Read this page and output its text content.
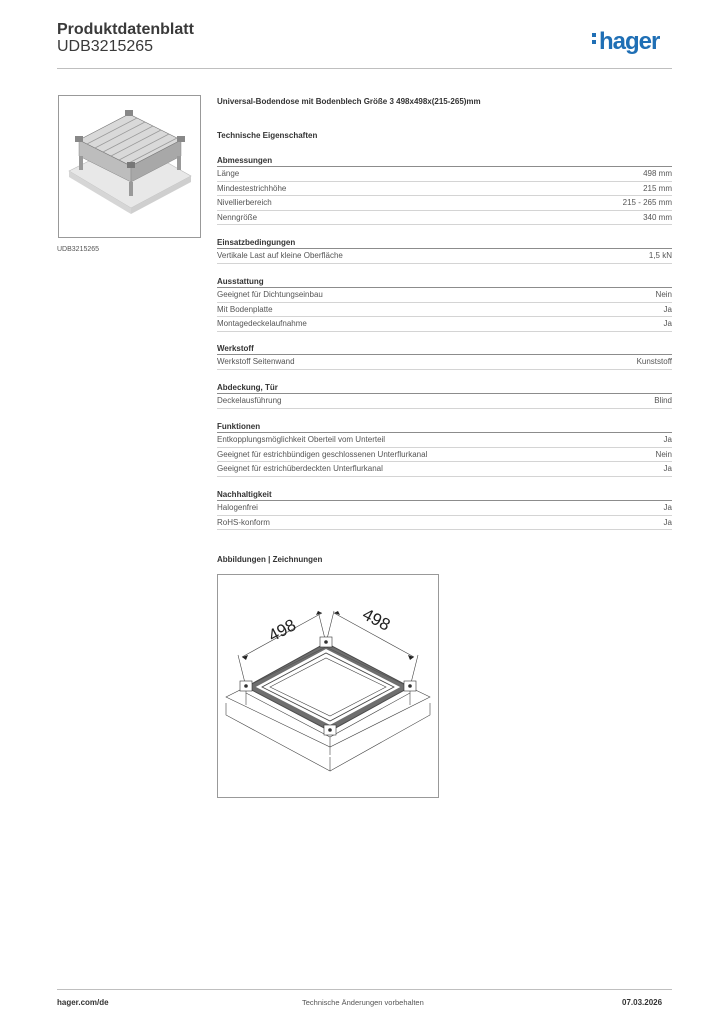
Produktdatenblatt
UDB3215265	hager
UDB3215265
Universal-Bodendose mit Bodenblech Größe 3 498x498x(215-265)mm
Technische Eigenschaften
Abmessungen
Länge	498 mm
Mindestestrichhöhe	215 mm
Nivellierbereich	215 - 265 mm
Nenngröße	340 mm
Einsatzbedingungen
Vertikale Last auf kleine Oberfläche	1,5 kN
Ausstattung
Geeignet für Dichtungseinbau	Nein
Mit Bodenplatte	Ja
Montagedeckelaufnahme	Ja
Werkstoff
Werkstoff Seitenwand	Kunststoff
Abdeckung, Tür
Deckelausführung	Blind
Funktionen
Entkopplungsmöglichkeit Oberteil vom Unterteil	Ja
Geeignet für estrichbündigen geschlossenen Unterflurkanal	Nein
Geeignet für estrichüberdeckten Unterflurkanal	Ja
Nachhaltigkeit
Halogenfrei	Ja
RoHS-konform	Ja
Abbildungen | Zeichnungen
498	498
hager.com/de	Technische Änderungen vorbehalten	07.03.2026
